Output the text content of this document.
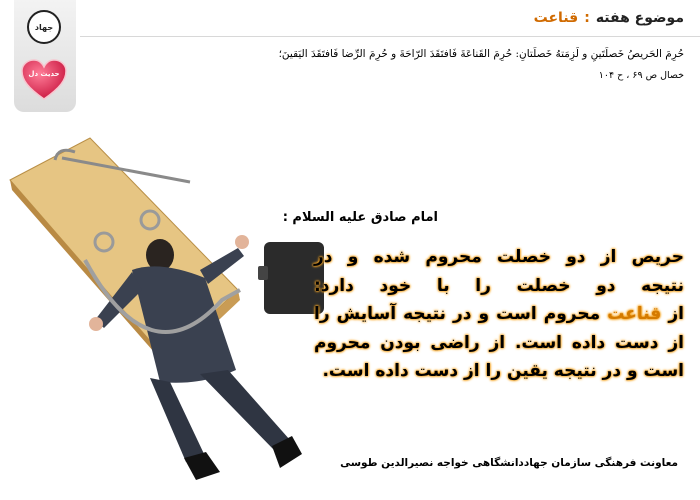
جهاد
حدیث دل
موضوع هفته:قناعت
حُرِمَ الحَريصُ خَصلَتَينِ و لَزِمَتهُ خَصلَتانِ: حُرِمَ القَناعَةَ فَافتَقَدَ الرّاحَةَ و حُرِمَ الرِّضا فَافتَقَدَ اليَقينَ؛
خصال ص ۶۹ ، ح ۱۰۴
امام صادق علیه السلام :

حریص از دو خصلت محروم شده و در

نتیجه دو خصلت را با خود دارد:

از قناعت محروم است و در نتیجه آسایش را

از دست داده است. از راضی بودن محروم

است و در نتیجه یقین را از دست داده است.

معاونت فرهنگی سازمان جهاددانشگاهی خواجه نصیرالدین طوسی
